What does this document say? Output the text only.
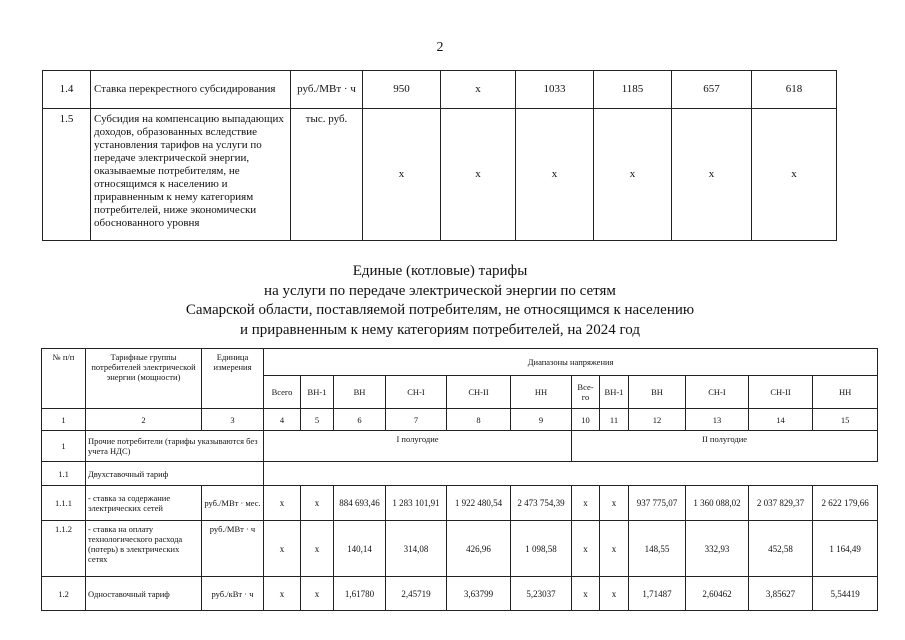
2
1.4	Ставка перекрестного субсидирования	руб./МВт · ч	950	x	1033	1185	657	618
1.5	Субсидия на компенсацию выпадающих доходов, образованных вследствие установления тарифов на услуги по передаче электрической энергии, оказываемые потребителям, не относящимся к населению и приравненным к нему категориям потребителей, ниже экономически обоснованного уровня	тыс. руб.	x	x	x	x	x	x
Единые (котловые) тарифы
на услуги по передаче электрической энергии по сетям
Самарской области, поставляемой потребителям, не относящимся к населению
и приравненным к нему категориям потребителей, на 2024 год
№ п/п	Тарифные группы потребителей электрической энергии (мощности)	Единица измерения	Диапазоны напряжения											
			Всего	ВН-1	ВН	СН-I	СН-II	НН	Все-го	ВН-1	ВН	СН-I	СН-II	НН
1	2	3	4	5	6	7	8	9	10	11	12	13	14	15
1	Прочие потребители (тарифы указываются без учета НДС)		I полугодие						II полугодие					
1.1	Двухставочный тариф													
1.1.1	- ставка за содержание электрических сетей	руб./МВт · мес.	x	x	884 693,46	1 283 101,91	1 922 480,54	2 473 754,39	x	x	937 775,07	1 360 088,02	2 037 829,37	2 622 179,66
1.1.2	- ставка на оплату технологического расхода (потерь) в электрических сетях	руб./МВт · ч	x	x	140,14	314,08	426,96	1 098,58	x	x	148,55	332,93	452,58	1 164,49
1.2	Одноставочный тариф	руб./кВт · ч	x	x	1,61780	2,45719	3,63799	5,23037	x	x	1,71487	2,60462	3,85627	5,54419
